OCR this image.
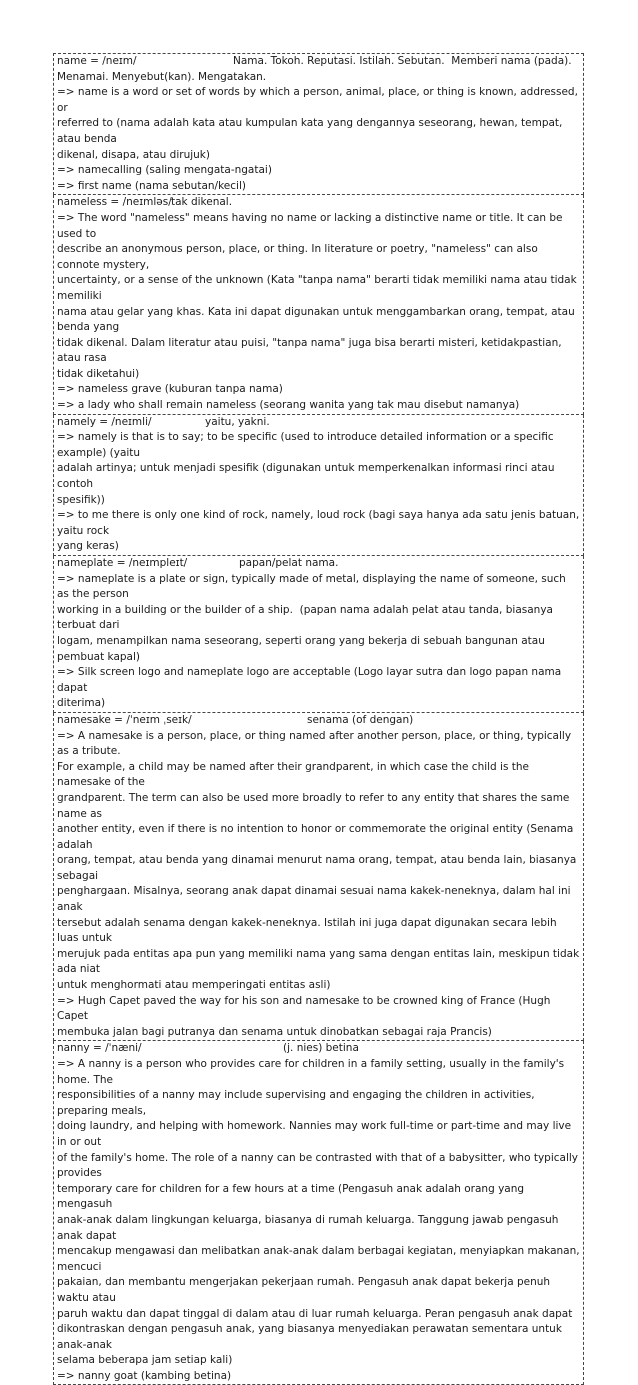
name = /neɪm/	Nama. Tokoh. Reputasi. Istilah. Sebutan.  Memberi nama (pada).
Menamai. Menyebut(kan). Mengatakan.
=> name is a word or set of words by which a person, animal, place, or thing is known, addressed, or
referred to (nama adalah kata atau kumpulan kata yang dengannya seseorang, hewan, tempat, atau benda
dikenal, disapa, atau dirujuk)
=> namecalling (saling mengata-ngatai)
=> first name (nama sebutan/kecil)
nameless = /neɪmləs/ tak dikenal.
=> The word "nameless" means having no name or lacking a distinctive name or title. It can be used to
describe an anonymous person, place, or thing. In literature or poetry, "nameless" can also connote mystery,
uncertainty, or a sense of the unknown (Kata "tanpa nama" berarti tidak memiliki nama atau tidak memiliki
nama atau gelar yang khas. Kata ini dapat digunakan untuk menggambarkan orang, tempat, atau benda yang
tidak dikenal. Dalam literatur atau puisi, "tanpa nama" juga bisa berarti misteri, ketidakpastian, atau rasa
tidak diketahui)
=> nameless grave (kuburan tanpa nama)
=> a lady who shall remain nameless (seorang wanita yang tak mau disebut namanya)
namely = /neɪmli/	yaitu, yakni.
=> namely is that is to say; to be specific (used to introduce detailed information or a specific example) (yaitu
adalah artinya; untuk menjadi spesifik (digunakan untuk memperkenalkan informasi rinci atau contoh
spesifik))
=> to me there is only one kind of rock, namely, loud rock (bagi saya hanya ada satu jenis batuan, yaitu rock
yang keras)
nameplate = /neɪmpleɪt/	papan/pelat nama.
=> nameplate is a plate or sign, typically made of metal, displaying the name of someone, such as the person
working in a building or the builder of a ship.  (papan nama adalah pelat atau tanda, biasanya terbuat dari
logam, menampilkan nama seseorang, seperti orang yang bekerja di sebuah bangunan atau pembuat kapal)
=> Silk screen logo and nameplate logo are acceptable (Logo layar sutra dan logo papan nama dapat
diterima)
namesake = /ˈneɪm ˌseɪk/	senama (of dengan)
=> A namesake is a person, place, or thing named after another person, place, or thing, typically as a tribute.
For example, a child may be named after their grandparent, in which case the child is the namesake of the
grandparent. The term can also be used more broadly to refer to any entity that shares the same name as
another entity, even if there is no intention to honor or commemorate the original entity (Senama adalah
orang, tempat, atau benda yang dinamai menurut nama orang, tempat, atau benda lain, biasanya sebagai
penghargaan. Misalnya, seorang anak dapat dinamai sesuai nama kakek-neneknya, dalam hal ini anak
tersebut adalah senama dengan kakek-neneknya. Istilah ini juga dapat digunakan secara lebih luas untuk
merujuk pada entitas apa pun yang memiliki nama yang sama dengan entitas lain, meskipun tidak ada niat
untuk menghormati atau memperingati entitas asli)
=> Hugh Capet paved the way for his son and namesake to be crowned king of France (Hugh Capet
membuka jalan bagi putranya dan senama untuk dinobatkan sebagai raja Prancis)
nanny = /ˈnæni/	(j. nies) betina
=> A nanny is a person who provides care for children in a family setting, usually in the family's home. The
responsibilities of a nanny may include supervising and engaging the children in activities, preparing meals,
doing laundry, and helping with homework. Nannies may work full-time or part-time and may live in or out
of the family's home. The role of a nanny can be contrasted with that of a babysitter, who typically provides
temporary care for children for a few hours at a time (Pengasuh anak adalah orang yang mengasuh
anak-anak dalam lingkungan keluarga, biasanya di rumah keluarga. Tanggung jawab pengasuh anak dapat
mencakup mengawasi dan melibatkan anak-anak dalam berbagai kegiatan, menyiapkan makanan, mencuci
pakaian, dan membantu mengerjakan pekerjaan rumah. Pengasuh anak dapat bekerja penuh waktu atau
paruh waktu dan dapat tinggal di dalam atau di luar rumah keluarga. Peran pengasuh anak dapat
dikontraskan dengan pengasuh anak, yang biasanya menyediakan perawatan sementara untuk anak-anak
selama beberapa jam setiap kali)
=> nanny goat (kambing betina)
